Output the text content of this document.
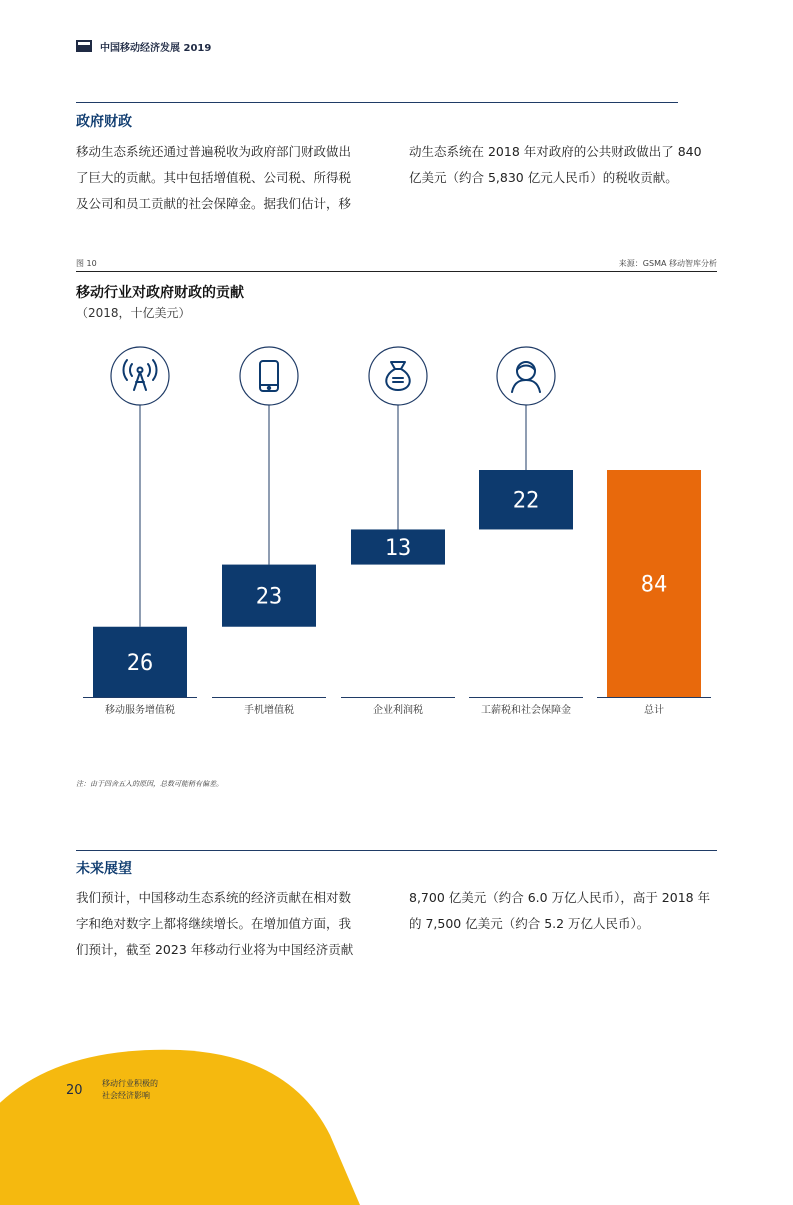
中国移动经济发展 2019
政府财政
移动生态系统还通过普遍税收为政府部门财政做出
了巨大的贡献。其中包括增值税、公司税、所得税
及公司和员工贡献的社会保障金。据我们估计，移
动生态系统在 2018 年对政府的公共财政做出了 840
亿美元（约合 5,830 亿元人民币）的税收贡献。
图 10	来源：GSMA 移动智库分析
移动行业对政府财政的贡献
（2018，十亿美元）
26
移动服务增值税
23
手机增值税
13
企业利润税
22
工薪税和社会保障金
84
总计
注：由于四舍五入的原因，总数可能稍有偏差。
未来展望
我们预计，中国移动生态系统的经济贡献在相对数
字和绝对数字上都将继续增长。在增加值方面，我
们预计，截至 2023 年移动行业将为中国经济贡献
8,700 亿美元（约合 6.0 万亿人民币），高于 2018 年
的 7,500 亿美元（约合 5.2 万亿人民币）。
20 移动行业积极的
社会经济影响
